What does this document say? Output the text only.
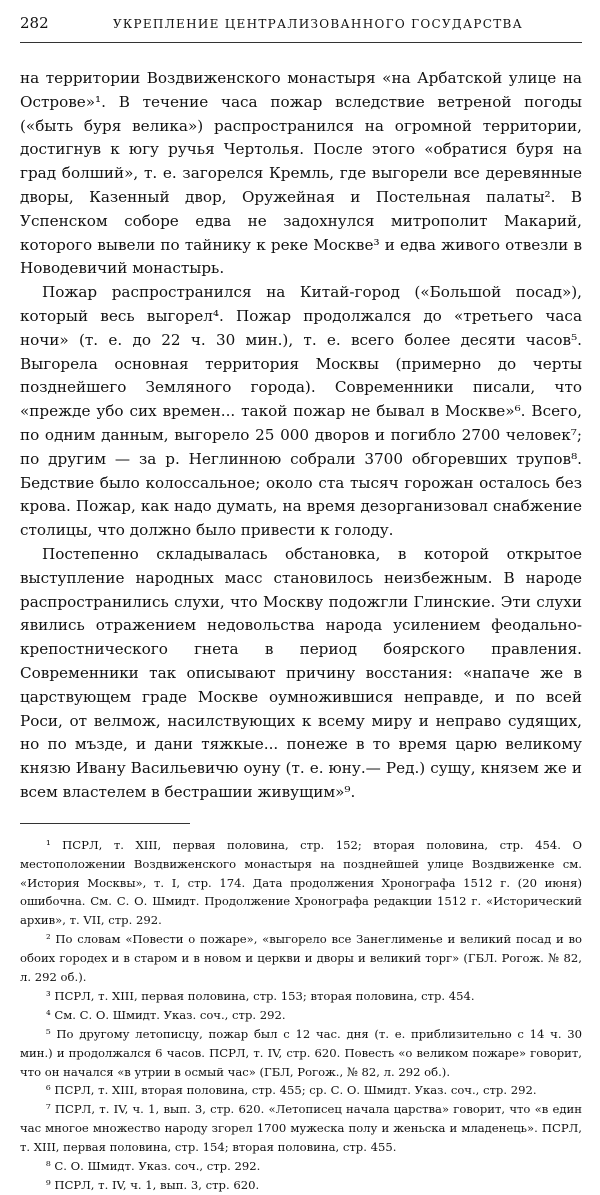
282	УКРЕПЛЕНИЕ ЦЕНТРАЛИЗОВАННОГО ГОСУДАРСТВА

на территории Воздвиженского монастыря «на Арбатской улице на Острове»¹. В течение часа пожар вследствие ветреной погоды («быть буря велика») распространился на огромной территории, достигнув к югу ручья Чертолья. После этого «обратися буря на град болший», т. е. загорелся Кремль, где выгорели все деревянные дворы, Казенный двор, Оружейная и Постельная палаты². В Успенском соборе едва не задохнулся митрополит Макарий, которого вывели по тайнику к реке Москве³ и едва живого отвезли в Новодевичий монастырь.

Пожар распространился на Китай-город («Большой посад»), который весь выгорел⁴. Пожар продолжался до «третьего часа ночи» (т. е. до 22 ч. 30 мин.), т. е. всего более десяти часов⁵. Выгорела основная территория Москвы (примерно до черты позднейшего Земляного города). Современники писали, что «прежде убо сих времен... такой пожар не бывал в Москве»⁶. Всего, по одним данным, выгорело 25 000 дворов и погибло 2700 человек⁷; по другим — за р. Неглинною собрали 3700 обгоревших трупов⁸. Бедствие было колоссальное; около ста тысяч горожан осталось без крова. Пожар, как надо думать, на время дезорганизовал снабжение столицы, что должно было привести к голоду.

Постепенно складывалась обстановка, в которой открытое выступление народных масс становилось неизбежным. В народе распространились слухи, что Москву подожгли Глинские. Эти слухи явились отражением недовольства народа усилением феодально-крепостнического гнета в период боярского правления. Современники так описывают причину восстания: «напаче же в царствующем граде Москве оумножившися неправде, и по всей Роси, от велмож, насилствующих к всему миру и неправо судящих, но по мъзде, и дани тяжкые... понеже в то время царю великому князю Ивану Васильевичю оуну (т. е. юну.— Ред.) сущу, князем же и всем властелем в бестрашии живущим»⁹.

¹ ПСРЛ, т. XIII, первая половина, стр. 152; вторая половина, стр. 454. О местоположении Воздвиженского монастыря на позднейшей улице Воздвиженке см. «История Москвы», т. I, стр. 174. Дата продолжения Хронографа 1512 г. (20 июня) ошибочна. См. С. О. Шмидт. Продолжение Хронографа редакции 1512 г. «Исторический архив», т. VII, стр. 292.

² По словам «Повести о пожаре», «выгорело все Занеглименье и великий посад и во обоих городех и в старом и в новом и церкви и дворы и великий торг» (ГБЛ. Рогож. № 82, л. 292 об.).

³ ПСРЛ, т. XIII, первая половина, стр. 153; вторая половина, стр. 454.

⁴ См. С. О. Шмидт. Указ. соч., стр. 292.

⁵ По другому летописцу, пожар был с 12 час. дня (т. е. приблизительно с 14 ч. 30 мин.) и продолжался 6 часов. ПСРЛ, т. IV, стр. 620. Повесть «о великом пожаре» говорит, что он начался «в утрии в осмый час» (ГБЛ, Рогож., № 82, л. 292 об.).

⁶ ПСРЛ, т. XIII, вторая половина, стр. 455; ср. С. О. Шмидт. Указ. соч., стр. 292.

⁷ ПСРЛ, т. IV, ч. 1, вып. 3, стр. 620. «Летописец начала царства» говорит, что «в един час многое множество народу згорел 1700 мужеска полу и женьска и младенець». ПСРЛ, т. XIII, первая половина, стр. 154; вторая половина, стр. 455.

⁸ С. О. Шмидт. Указ. соч., стр. 292.

⁹ ПСРЛ, т. IV, ч. 1, вып. 3, стр. 620.
